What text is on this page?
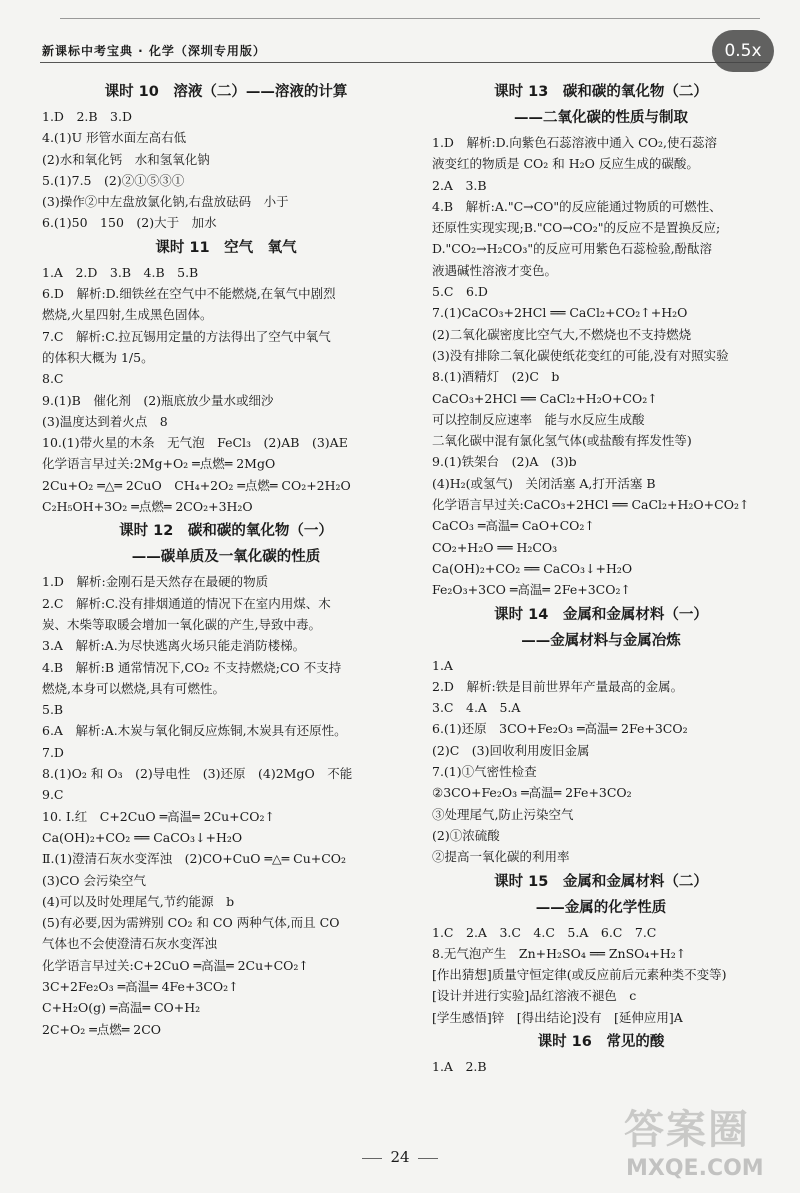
新课标中考宝典 · 化学（深圳专用版）	0.5x
课时 10　溶液（二）——溶液的计算
1.D　2.B　3.D
4.(1)U 形管水面左高右低
(2)水和氧化钙　水和氢氧化钠
5.(1)7.5　(2)②①⑤③①
(3)操作②中左盘放氯化钠,右盘放砝码　小于
6.(1)50　150　(2)大于　加水
课时 11　空气　氧气
1.A　2.D　3.B　4.B　5.B
6.D　解析:D.细铁丝在空气中不能燃烧,在氧气中剧烈
燃烧,火星四射,生成黑色固体。
7.C　解析:C.拉瓦锡用定量的方法得出了空气中氧气
的体积大概为 1/5。
8.C
9.(1)B　催化剂　(2)瓶底放少量水或细沙
(3)温度达到着火点　8
10.(1)带火星的木条　无气泡　FeCl₃　(2)AB　(3)AE
化学语言早过关:2Mg+O₂ ═点燃═ 2MgO
2Cu+O₂ ═△═ 2CuO　CH₄+2O₂ ═点燃═ CO₂+2H₂O
C₂H₅OH+3O₂ ═点燃═ 2CO₂+3H₂O
课时 12　碳和碳的氧化物（一）
——碳单质及一氧化碳的性质
1.D　解析:金刚石是天然存在最硬的物质
2.C　解析:C.没有排烟通道的情况下在室内用煤、木
炭、木柴等取暖会增加一氧化碳的产生,导致中毒。
3.A　解析:A.为尽快逃离火场只能走消防楼梯。
4.B　解析:B 通常情况下,CO₂ 不支持燃烧;CO 不支持
燃烧,本身可以燃烧,具有可燃性。
5.B
6.A　解析:A.木炭与氧化铜反应炼铜,木炭具有还原性。
7.D
8.(1)O₂ 和 O₃　(2)导电性　(3)还原　(4)2MgO　不能
9.C
10. Ⅰ.红　C+2CuO ═高温═ 2Cu+CO₂↑
Ca(OH)₂+CO₂ ══ CaCO₃↓+H₂O
Ⅱ.(1)澄清石灰水变浑浊　(2)CO+CuO ═△═ Cu+CO₂
(3)CO 会污染空气
(4)可以及时处理尾气,节约能源　b
(5)有必要,因为需辨别 CO₂ 和 CO 两种气体,而且 CO
气体也不会使澄清石灰水变浑浊
化学语言早过关:C+2CuO ═高温═ 2Cu+CO₂↑
3C+2Fe₂O₃ ═高温═ 4Fe+3CO₂↑
C+H₂O(g) ═高温═ CO+H₂
2C+O₂ ═点燃═ 2CO
课时 13　碳和碳的氧化物（二）
——二氧化碳的性质与制取
1.D　解析:D.向紫色石蕊溶液中通入 CO₂,使石蕊溶
液变红的物质是 CO₂ 和 H₂O 反应生成的碳酸。
2.A　3.B
4.B　解析:A."C→CO"的反应能通过物质的可燃性、
还原性实现实现;B."CO→CO₂"的反应不是置换反应;
D."CO₂→H₂CO₃"的反应可用紫色石蕊检验,酚酞溶
液遇碱性溶液才变色。
5.C　6.D
7.(1)CaCO₃+2HCl ══ CaCl₂+CO₂↑+H₂O
(2)二氧化碳密度比空气大,不燃烧也不支持燃烧
(3)没有排除二氧化碳使纸花变红的可能,没有对照实验
8.(1)酒精灯　(2)C　b
CaCO₃+2HCl ══ CaCl₂+H₂O+CO₂↑
可以控制反应速率　能与水反应生成酸
二氧化碳中混有氯化氢气体(或盐酸有挥发性等)
9.(1)铁架台　(2)A　(3)b
(4)H₂(或氢气)　关闭活塞 A,打开活塞 B
化学语言早过关:CaCO₃+2HCl ══ CaCl₂+H₂O+CO₂↑
CaCO₃ ═高温═ CaO+CO₂↑
CO₂+H₂O ══ H₂CO₃
Ca(OH)₂+CO₂ ══ CaCO₃↓+H₂O
Fe₂O₃+3CO ═高温═ 2Fe+3CO₂↑
课时 14　金属和金属材料（一）
——金属材料与金属冶炼
1.A
2.D　解析:铁是目前世界年产量最高的金属。
3.C　4.A　5.A
6.(1)还原　3CO+Fe₂O₃ ═高温═ 2Fe+3CO₂
(2)C　(3)回收利用废旧金属
7.(1)①气密性检查
②3CO+Fe₂O₃ ═高温═ 2Fe+3CO₂
③处理尾气,防止污染空气
(2)①浓硫酸
②提高一氧化碳的利用率
课时 15　金属和金属材料（二）
——金属的化学性质
1.C　2.A　3.C　4.C　5.A　6.C　7.C
8.无气泡产生　Zn+H₂SO₄ ══ ZnSO₄+H₂↑
[作出猜想]质量守恒定律(或反应前后元素种类不变等)
[设计并进行实验]品红溶液不褪色　c
[学生感悟]锌　[得出结论]没有　[延伸应用]A
课时 16　常见的酸
1.A　2.B
24
答案圈
MXQE.COM
